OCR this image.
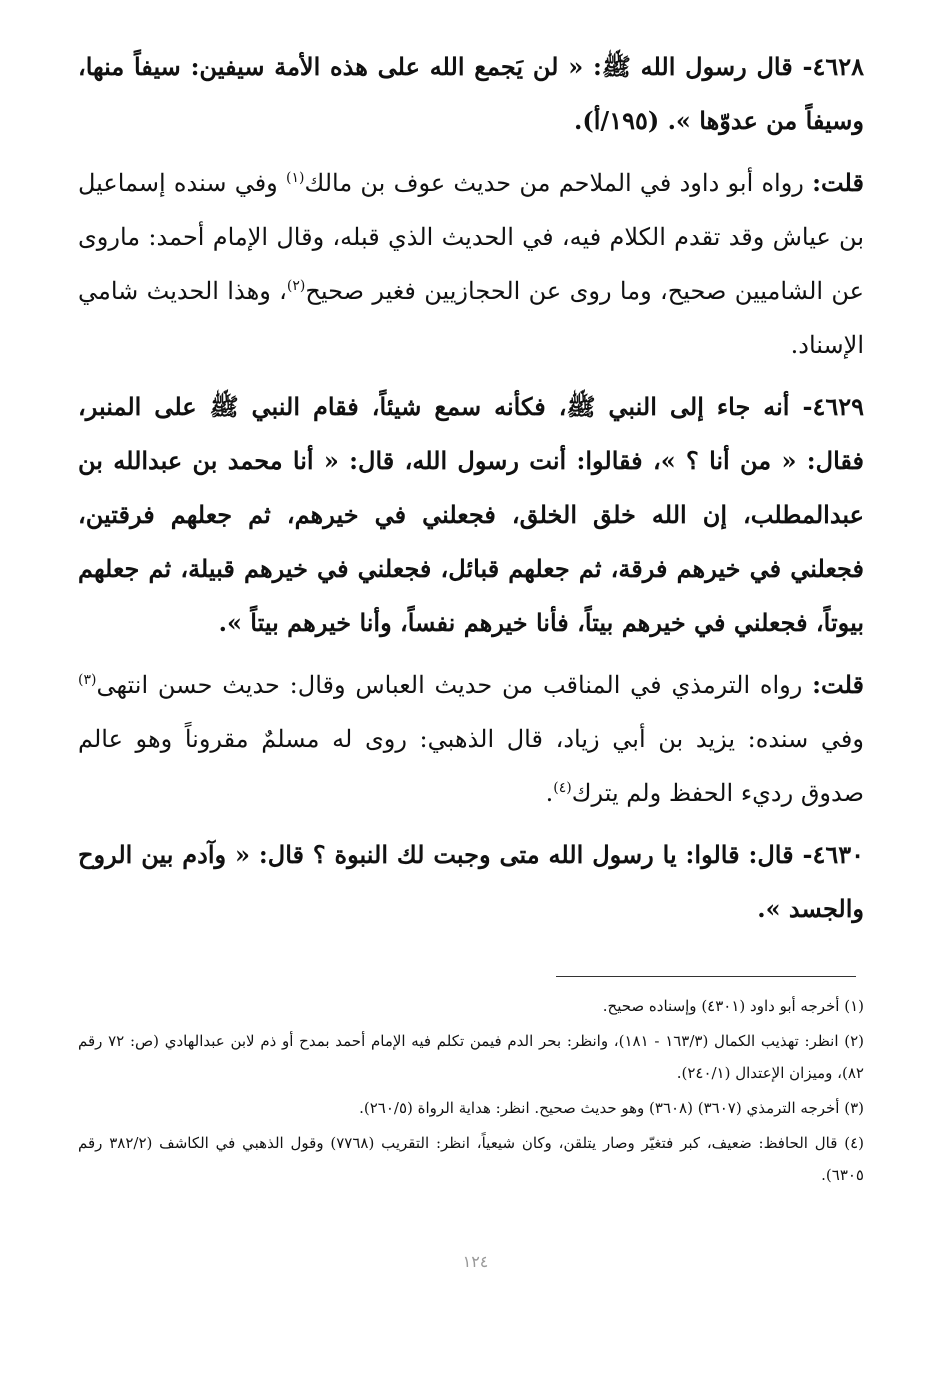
٤٦٢٨- قال رسول الله ﷺ: « لن يَجمع الله على هذه الأمة سيفين: سيفاً منها، وسيفاً من عدوّها ». (١٩٥/أ).

قلت: رواه أبو داود في الملاحم من حديث عوف بن مالك$^{(١)}$ وفي سنده إسماعيل بن عياش وقد تقدم الكلام فيه، في الحديث الذي قبله، وقال الإمام أحمد: ماروى عن الشاميين صحيح، وما روى عن الحجازيين فغير صحيح$^{(٢)}$، وهذا الحديث شامي الإسناد.

٤٦٢٩- أنه جاء إلى النبي ﷺ، فكأنه سمع شيئاً، فقام النبي ﷺ على المنبر، فقال: « من أنا ؟ »، فقالوا: أنت رسول الله، قال: « أنا محمد بن عبدالله بن عبدالمطلب، إن الله خلق الخلق، فجعلني في خيرهم، ثم جعلهم فرقتين، فجعلني في خيرهم فرقة، ثم جعلهم قبائل، فجعلني في خيرهم قبيلة، ثم جعلهم بيوتاً، فجعلني في خيرهم بيتاً، فأنا خيرهم نفساً، وأنا خيرهم بيتاً ».

قلت: رواه الترمذي في المناقب من حديث العباس وقال: حديث حسن انتهى$^{(٣)}$ وفي سنده: يزيد بن أبي زياد، قال الذهبي: روى له مسلمٌ مقروناً وهو عالم صدوق رديء الحفظ ولم يترك$^{(٤)}$.

٤٦٣٠- قال: قالوا: يا رسول الله متى وجبت لك النبوة ؟ قال: « وآدم بين الروح والجسد ».

(١) أخرجه أبو داود (٤٣٠١) وإسناده صحيح.

(٢) انظر: تهذيب الكمال (١٦٣/٣ - ١٨١)، وانظر: بحر الدم فيمن تكلم فيه الإمام أحمد بمدح أو ذم لابن عبدالهادي (ص: ٧٢ رقم ٨٢)، وميزان الإعتدال (٢٤٠/١).

(٣) أخرجه الترمذي (٣٦٠٧) (٣٦٠٨) وهو حديث صحيح. انظر: هداية الرواة (٢٦٠/٥).

(٤) قال الحافظ: ضعيف، كبر فتغيّر وصار يتلقن، وكان شيعياً، انظر: التقريب (٧٧٦٨) وقول الذهبي في الكاشف (٣٨٢/٢ رقم ٦٣٠٥).

١٢٤
